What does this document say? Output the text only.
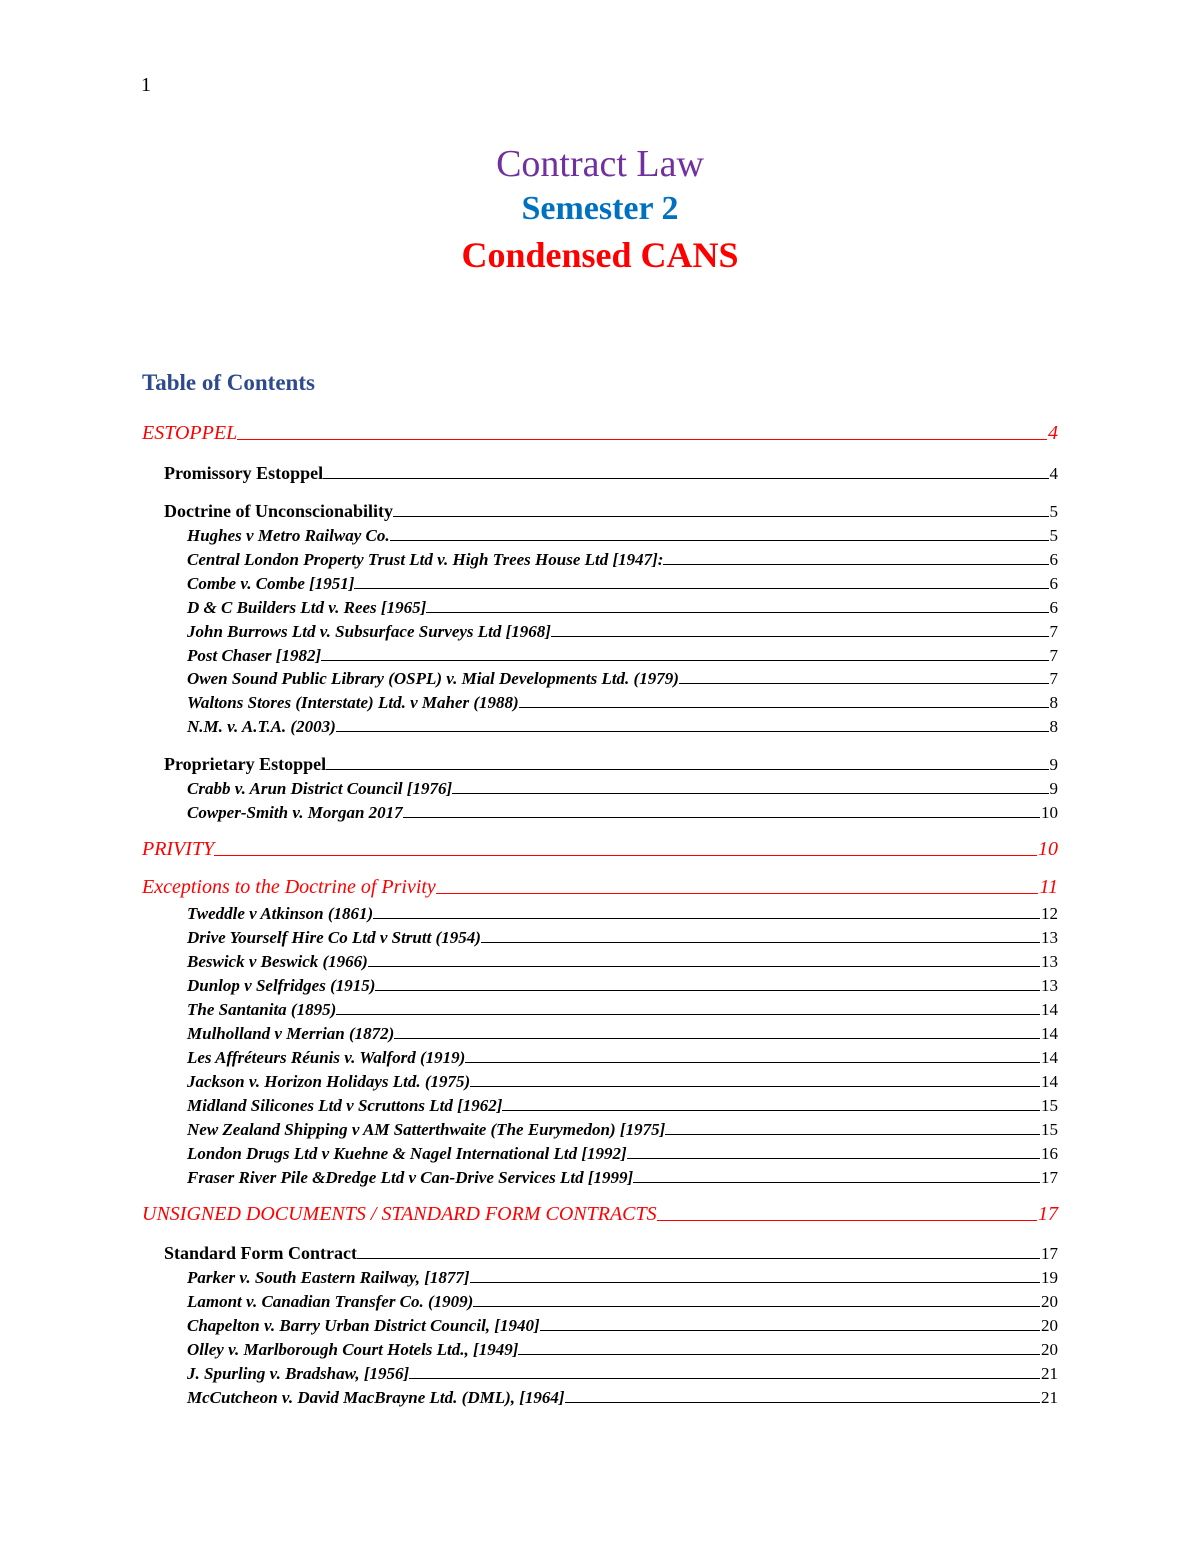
1
Contract Law
Semester 2
Condensed CANS
Table of Contents
ESTOPPEL	4
Promissory Estoppel	4
Doctrine of Unconscionability	5
Hughes v Metro Railway Co.	5
Central London Property Trust Ltd v. High Trees House Ltd [1947]:	6
Combe v. Combe [1951]	6
D & C Builders Ltd v. Rees [1965]	6
John Burrows Ltd v. Subsurface Surveys Ltd [1968]	7
Post Chaser [1982]	7
Owen Sound Public Library (OSPL) v. Mial Developments Ltd. (1979)	7
Waltons Stores (Interstate) Ltd. v Maher (1988)	8
N.M. v. A.T.A. (2003)	8
Proprietary Estoppel	9
Crabb v. Arun District Council [1976]	9
Cowper-Smith v. Morgan 2017	10
PRIVITY	10
Exceptions to the Doctrine of Privity	11
Tweddle v Atkinson (1861)	12
Drive Yourself Hire Co Ltd v Strutt (1954)	13
Beswick v Beswick (1966)	13
Dunlop v Selfridges (1915)	13
The Santanita (1895)	14
Mulholland v Merrian (1872)	14
Les Affréteurs Réunis v. Walford (1919)	14
Jackson v. Horizon Holidays Ltd. (1975)	14
Midland Silicones Ltd v Scruttons Ltd [1962]	15
New Zealand Shipping v AM Satterthwaite (The Eurymedon) [1975]	15
London Drugs Ltd v Kuehne & Nagel International Ltd [1992]	16
Fraser River Pile &Dredge Ltd v Can-Drive Services Ltd [1999]	17
UNSIGNED DOCUMENTS / STANDARD FORM CONTRACTS	17
Standard Form Contract	17
Parker v. South Eastern Railway, [1877]	19
Lamont v. Canadian Transfer Co. (1909)	20
Chapelton v. Barry Urban District Council, [1940]	20
Olley v. Marlborough Court Hotels Ltd., [1949]	20
J. Spurling v. Bradshaw, [1956]	21
McCutcheon v. David MacBrayne Ltd. (DML), [1964]	21
